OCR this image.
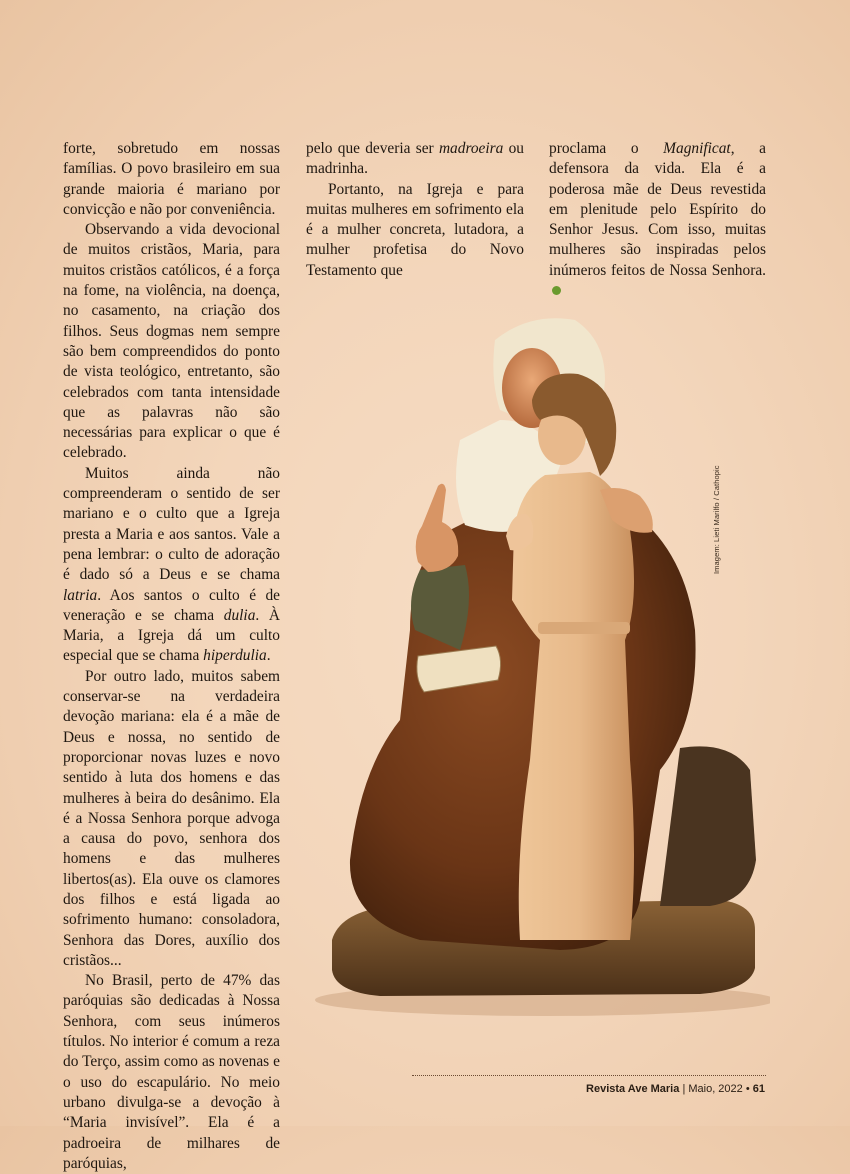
forte, sobretudo em nossas famílias. O povo brasileiro em sua grande maioria é mariano por convicção e não por conveniência.

Observando a vida devocional de muitos cristãos, Maria, para muitos cristãos católicos, é a força na fome, na violência, na doença, no casamento, na criação dos filhos. Seus dogmas nem sempre são bem compreendidos do ponto de vista teológico, entretanto, são celebrados com tanta intensidade que as palavras não são necessárias para explicar o que é celebrado.

Muitos ainda não compreenderam o sentido de ser mariano e o culto que a Igreja presta a Maria e aos santos. Vale a pena lembrar: o culto de adoração é dado só a Deus e se chama latria. Aos santos o culto é de veneração e se chama dulia. À Maria, a Igreja dá um culto especial que se chama hiperdulia.

Por outro lado, muitos sabem conservar-se na verdadeira devoção mariana: ela é a mãe de Deus e nossa, no sentido de proporcionar novas luzes e novo sentido à luta dos homens e das mulheres à beira do desânimo. Ela é a Nossa Senhora porque advoga a causa do povo, senhora dos homens e das mulheres libertos(as). Ela ouve os clamores dos filhos e está ligada ao sofrimento humano: consoladora, Senhora das Dores, auxílio dos cristãos...

No Brasil, perto de 47% das paróquias são dedicadas à Nossa Senhora, com seus inúmeros títulos. No interior é comum a reza do Terço, assim como as novenas e o uso do escapulário. No meio urbano divulga-se a devoção à “Maria invisível”. Ela é a padroeira de milhares de paróquias,

pelo que deveria ser madroeira ou madrinha.

Portanto, na Igreja e para muitas mulheres em sofrimento ela é a mulher concreta, lutadora, a mulher profetisa do Novo Testamento que

proclama o Magnificat, a defensora da vida. Ela é a poderosa mãe de Deus revestida em plenitude pelo Espírito do Senhor Jesus. Com isso, muitas mulheres são inspiradas pelos inúmeros feitos de Nossa Senhora.

Imagem: Lieti Marilfo / Cathopic
Revista Ave Maria | Maio, 2022 • 61
